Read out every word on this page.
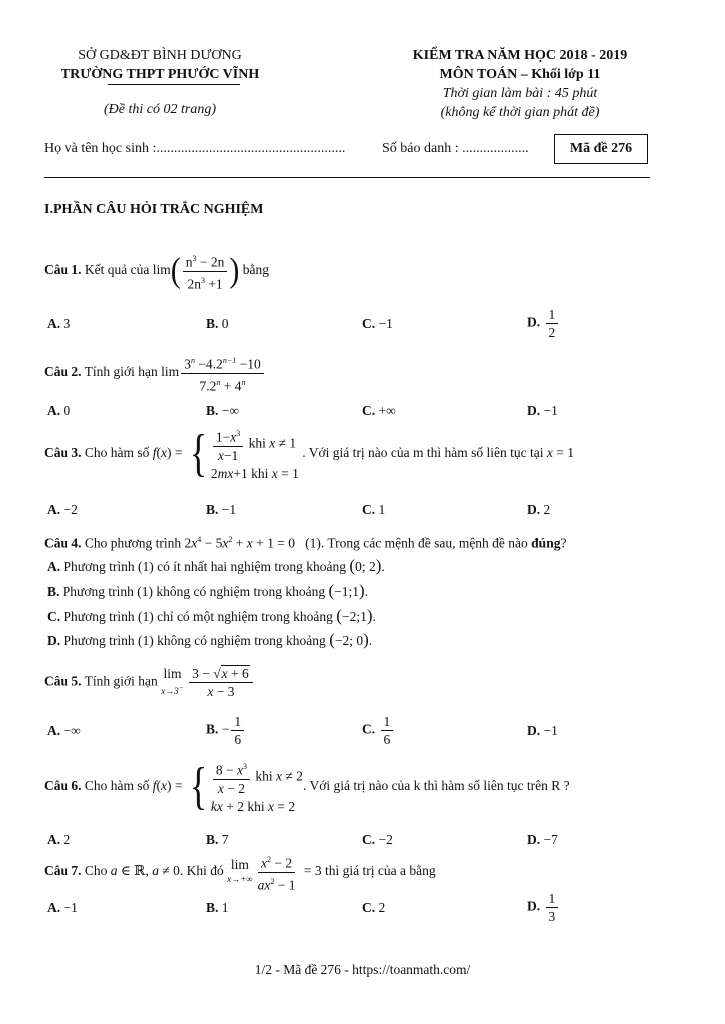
SỞ GD&ĐT BÌNH DƯƠNG
TRƯỜNG THPT PHƯỚC VĨNH
(Đề thi có 02 trang)
KIỂM TRA NĂM HỌC 2018 - 2019
MÔN TOÁN – Khối lớp 11
Thời gian làm bài : 45 phút
(không kể thời gian phát đề)
Họ và tên học sinh :......................................................	Số báo danh : ...................	Mã đề 276
I.PHẦN CÂU HỎI TRẮC NGHIỆM
Câu 1. Kết quả của $\lim( \frac{n^3 - 2n}{2n^3 +1}$ ) bằng
A. 3	B. 0	C. −1	D. $\frac{1}{2}$
Câu 2. Tính giới hạn $\lim \frac{3^n -4.2^{n-1} -10}{7.2^n + 4^n}$
A. 0	B. −∞	C. +∞	D. −1
Câu 3. Cho hàm số f(x) = { $\frac{1-x^3}{x-1}$ khi x ≠ 1
2mx+1 khi x = 1
. Với giá trị nào của m thì hàm số liên tục tại x = 1
A. −2	B. −1	C. 1	D. 2
Câu 4. Cho phương trình $2x^4 - 5x^2 + x + 1 = 0$   (1). Trong các mệnh đề sau, mệnh đề nào đúng?
A. Phương trình (1) có ít nhất hai nghiệm trong khoảng (0; 2).
B. Phương trình (1) không có nghiệm trong khoảng (−1;1).
C. Phương trình (1) chỉ có một nghiệm trong khoảng (−2;1).
D. Phương trình (1) không có nghiệm trong khoảng (−2; 0).
Câu 5. Tính giới hạn
lim
x→3−
$\frac{3 - √x + 6}{x - 3}$
A. −∞	B. − $\frac{1}{6}$	C. $\frac{1}{6}$	D. −1
Câu 6. Cho hàm số f(x) = { $\frac{8 - x^3}{x - 2}$ khi x ≠ 2
kx + 2 khi x = 2
. Với giá trị nào của k thì hàm số liên tục trên R ?
A. 2	B. 7	C. −2	D. −7
Câu 7. Cho a ∈ ℝ, a ≠ 0. Khi đó lim
$x\to+\infty \frac{x^2 - 2}{ax^2 - 1} = 3$ thì giá trị của a bằng
A. −1	B. 1	C. 2	D. $\frac{1}{3}$
1/2 - Mã đề 276 - https://toanmath.com/
